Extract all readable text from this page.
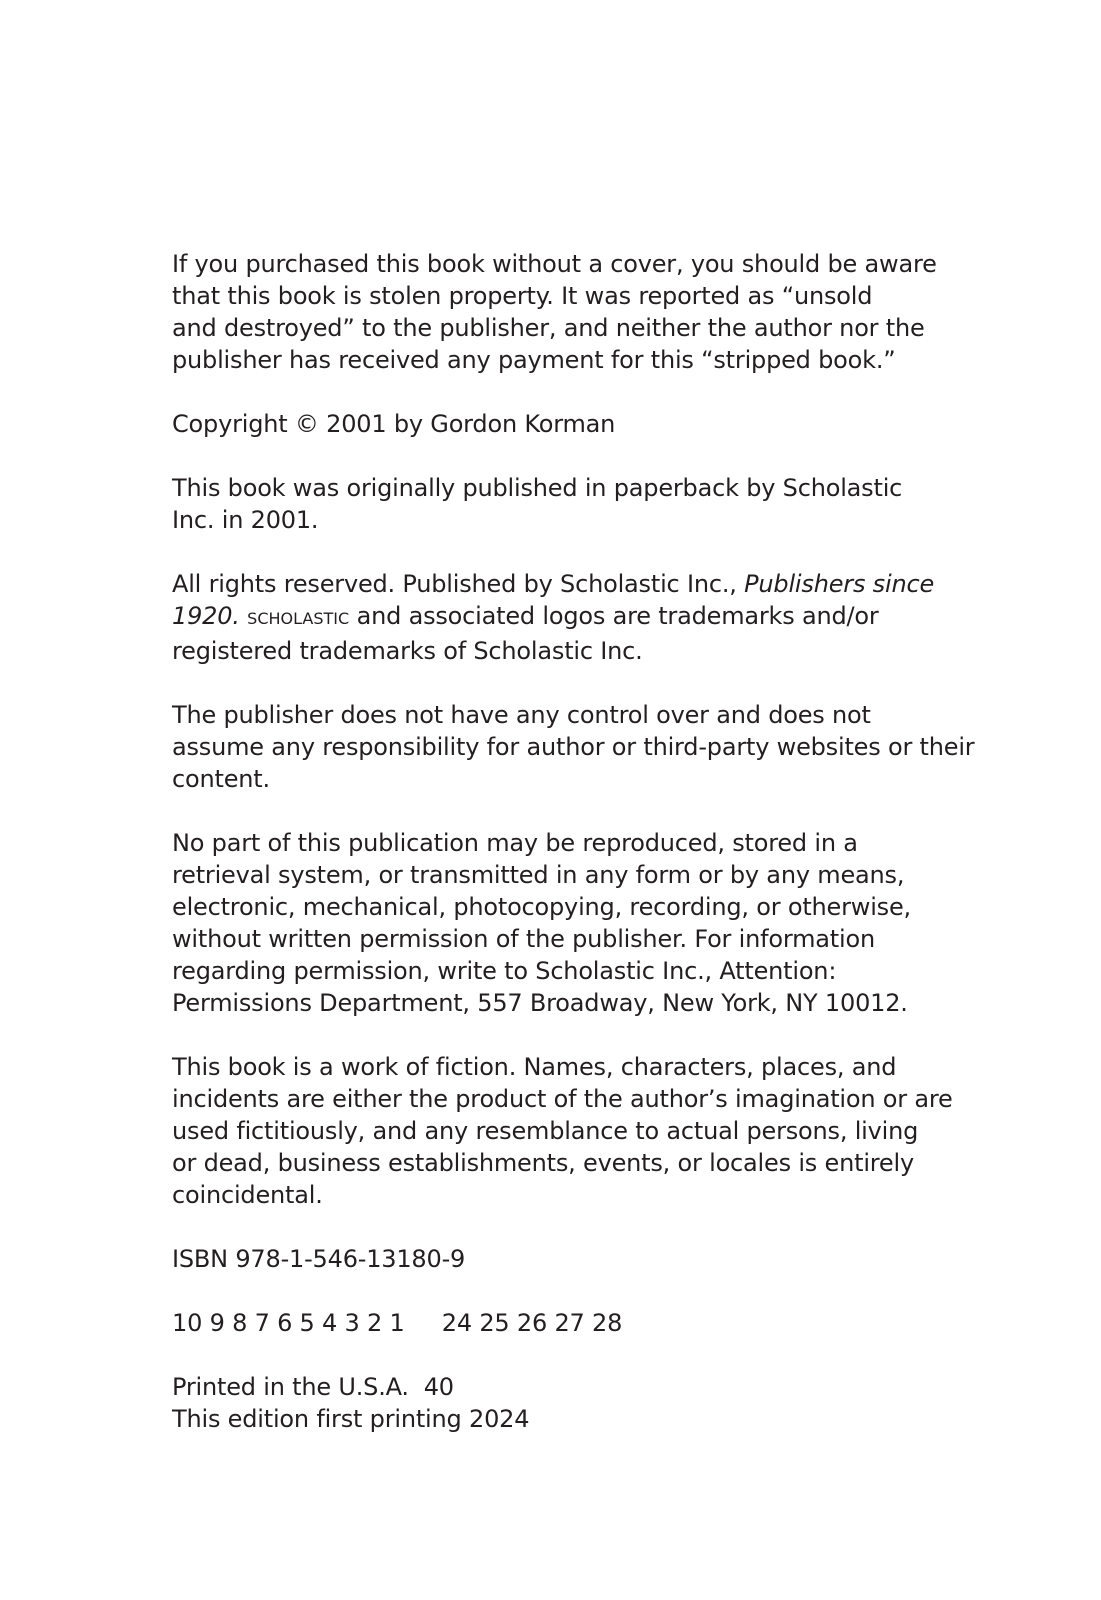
If you purchased this book without a cover, you should be aware
that this book is stolen property. It was reported as “unsold
and destroyed” to the publisher, and neither the author nor the
publisher has received any payment for this “stripped book.”
Copyright © 2001 by Gordon Korman
This book was originally published in paperback by Scholastic
Inc. in 2001.
All rights reserved. Published by Scholastic Inc., Publishers since
1920. SCHOLASTIC and associated logos are trademarks and/or
registered trademarks of Scholastic Inc.
The publisher does not have any control over and does not
assume any responsibility for author or third-party websites or their
content.
No part of this publication may be reproduced, stored in a
retrieval system, or transmitted in any form or by any means,
electronic, mechanical, photocopying, recording, or otherwise,
without written permission of the publisher. For information
regarding permission, write to Scholastic Inc., Attention:
Permissions Department, 557 Broadway, New York, NY 10012.
This book is a work of fiction. Names, characters, places, and
incidents are either the product of the author’s imagination or are
used fictitiously, and any resemblance to actual persons, living
or dead, business establishments, events, or locales is entirely
coincidental.
ISBN 978-1-546-13180-9
10 9 8 7 6 5 4 3 2 1     24 25 26 27 28
Printed in the U.S.A.  40
This edition first printing 2024
